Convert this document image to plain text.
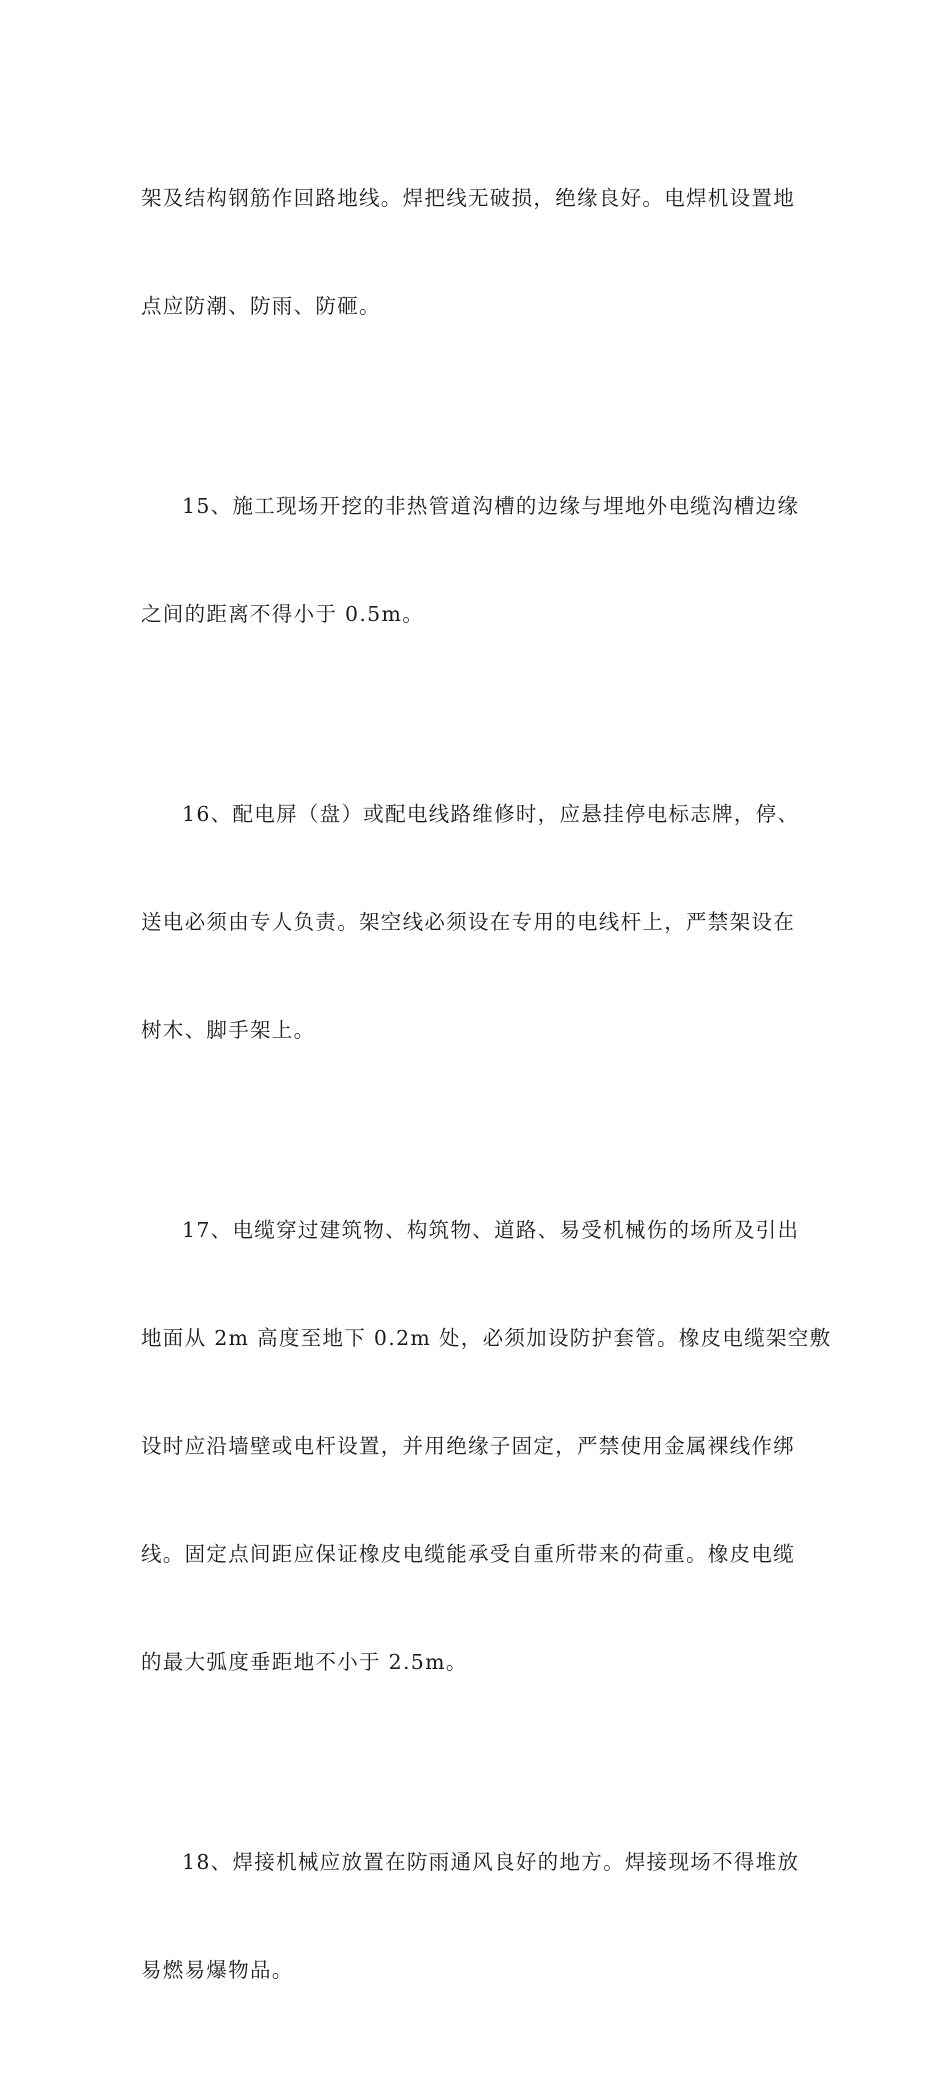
架及结构钢筋作回路地线。焊把线无破损，绝缘良好。电焊机设置地

点应防潮、防雨、防砸。

15、施工现场开挖的非热管道沟槽的边缘与埋地外电缆沟槽边缘

之间的距离不得小于 0.5m。

16、配电屏（盘）或配电线路维修时，应悬挂停电标志牌，停、

送电必须由专人负责。架空线必须设在专用的电线杆上，严禁架设在

树木、脚手架上。

17、电缆穿过建筑物、构筑物、道路、易受机械伤的场所及引出

地面从 2m 高度至地下 0.2m 处，必须加设防护套管。橡皮电缆架空敷

设时应沿墙壁或电杆设置，并用绝缘子固定，严禁使用金属裸线作绑

线。固定点间距应保证橡皮电缆能承受自重所带来的荷重。橡皮电缆

的最大弧度垂距地不小于 2.5m。

18、焊接机械应放置在防雨通风良好的地方。焊接现场不得堆放

易燃易爆物品。
